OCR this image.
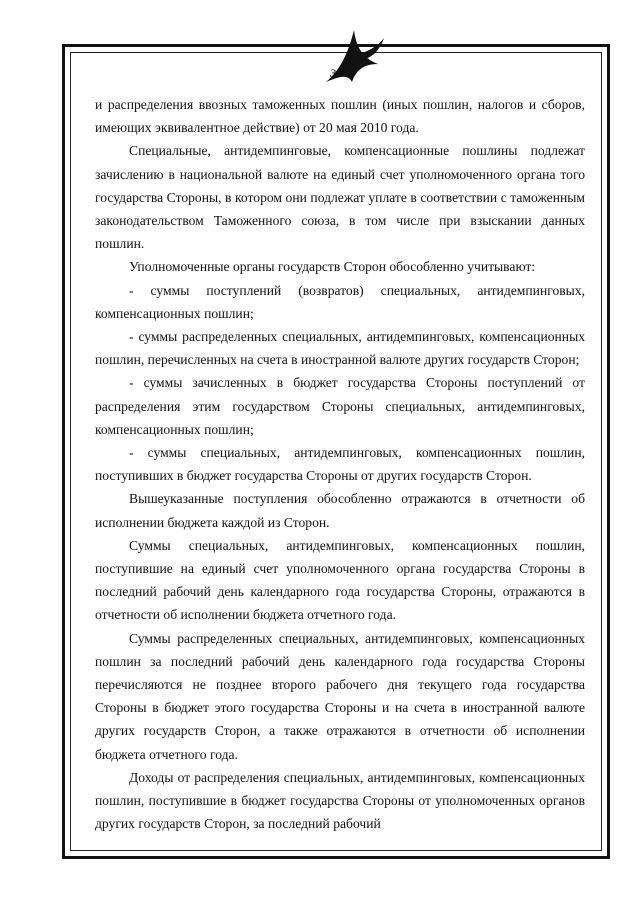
37

и распределения ввозных таможенных пошлин (иных пошлин, налогов и сборов, имеющих эквивалентное действие) от 20 мая 2010 года.

Специальные, антидемпинговые, компенсационные пошлины подлежат зачислению в национальной валюте на единый счет уполномоченного органа того государства Стороны, в котором они подлежат уплате в соответствии с таможенным законодательством Таможенного союза, в том числе при взыскании данных пошлин.

Уполномоченные органы государств Сторон обособленно учитывают:

- суммы поступлений (возвратов) специальных, антидемпинговых, компенсационных пошлин;

- суммы распределенных специальных, антидемпинговых, компенсационных пошлин, перечисленных на счета в иностранной валюте других государств Сторон;

- суммы зачисленных в бюджет государства Стороны поступлений от распределения этим государством Стороны специальных, антидемпинговых, компенсационных пошлин;

- суммы специальных, антидемпинговых, компенсационных пошлин, поступивших в бюджет государства Стороны от других государств Сторон.

Вышеуказанные поступления обособленно отражаются в отчетности об исполнении бюджета каждой из Сторон.

Суммы специальных, антидемпинговых, компенсационных пошлин, поступившие на единый счет уполномоченного органа государства Стороны в последний рабочий день календарного года государства Стороны, отражаются в отчетности об исполнении бюджета отчетного года.

Суммы распределенных специальных, антидемпинговых, компенсационных пошлин за последний рабочий день календарного года государства Стороны перечисляются не позднее второго рабочего дня текущего года государства Стороны в бюджет этого государства Стороны и на счета в иностранной валюте других государств Сторон, а также отражаются в отчетности об исполнении бюджета отчетного года.

Доходы от распределения специальных, антидемпинговых, компенсационных пошлин, поступившие в бюджет государства Стороны от уполномоченных органов других государств Сторон, за последний рабочий
